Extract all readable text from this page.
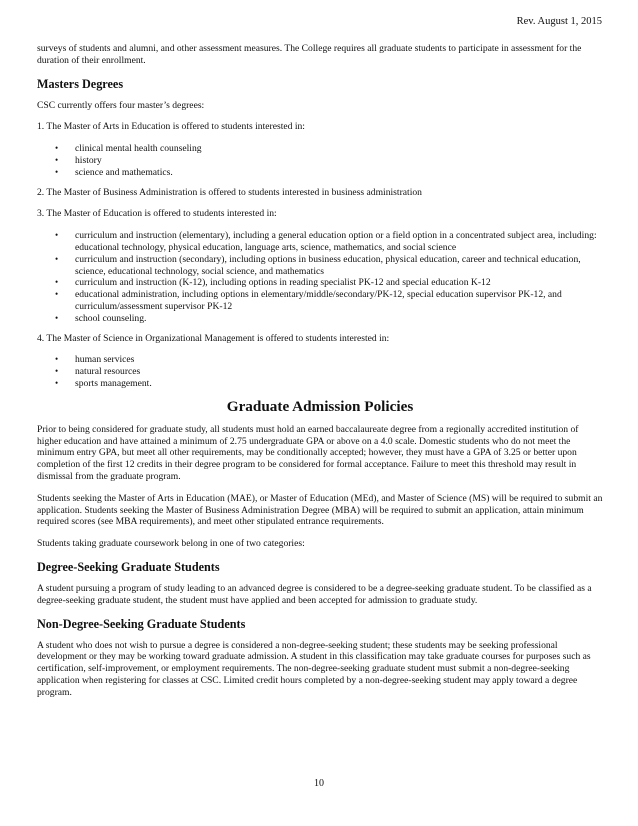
Rev. August 1, 2015

surveys of students and alumni, and other assessment measures. The College requires all graduate students to participate in assessment for the duration of their enrollment.

Masters Degrees

CSC currently offers four master’s degrees:

1. The Master of Arts in Education is offered to students interested in:

• clinical mental health counseling
• history
• science and mathematics.

2. The Master of Business Administration is offered to students interested in business administration

3. The Master of Education is offered to students interested in:

• curriculum and instruction (elementary), including a general education option or a field option in a concentrated subject area, including: educational technology, physical education, language arts, science, mathematics, and social science
• curriculum and instruction (secondary), including options in business education, physical education, career and technical education, science, educational technology, social science, and mathematics
• curriculum and instruction (K-12), including options in reading specialist PK-12 and special education K-12
• educational administration, including options in elementary/middle/secondary/PK-12, special education supervisor PK-12, and curriculum/assessment supervisor PK-12
• school counseling.

4. The Master of Science in Organizational Management is offered to students interested in:

• human services
• natural resources
• sports management.
Graduate Admission Policies

Prior to being considered for graduate study, all students must hold an earned baccalaureate degree from a regionally accredited institution of higher education and have attained a minimum of 2.75 undergraduate GPA or above on a 4.0 scale. Domestic students who do not meet the minimum entry GPA, but meet all other requirements, may be conditionally accepted; however, they must have a GPA of 3.25 or better upon completion of the first 12 credits in their degree program to be considered for formal acceptance. Failure to meet this threshold may result in dismissal from the graduate program.

Students seeking the Master of Arts in Education (MAE), or Master of Education (MEd), and Master of Science (MS) will be required to submit an application. Students seeking the Master of Business Administration Degree (MBA) will be required to submit an application, attain minimum required scores (see MBA requirements), and meet other stipulated entrance requirements.

Students taking graduate coursework belong in one of two categories:

Degree-Seeking Graduate Students

A student pursuing a program of study leading to an advanced degree is considered to be a degree-seeking graduate student. To be classified as a degree-seeking graduate student, the student must have applied and been accepted for admission to graduate study.

Non-Degree-Seeking Graduate Students

A student who does not wish to pursue a degree is considered a non-degree-seeking student; these students may be seeking professional development or they may be working toward graduate admission. A student in this classification may take graduate courses for purposes such as certification, self-improvement, or employment requirements. The non-degree-seeking graduate student must submit a non-degree-seeking application when registering for classes at CSC. Limited credit hours completed by a non-degree-seeking student may apply toward a degree program.

10
